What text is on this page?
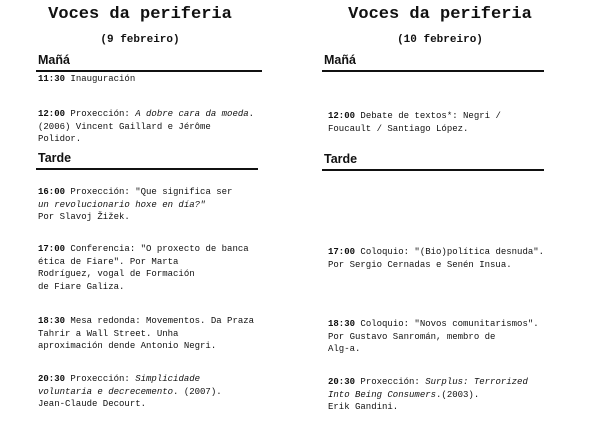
Voces da periferia
(9 febreiro)
Mañá
Tarde
11:30 Inauguración
12:00 Proxección: A dobre cara da moeda.
(2006) Vincent Gaillard e Jérôme
Polidor.
16:00 Proxección: "Que significa ser
un revolucionario hoxe en día?"
Por Slavoj Žižek.
17:00 Conferencia: "O proxecto de banca
ética de Fiare". Por Marta
Rodríguez, vogal de Formación
de Fiare Galiza.
18:30 Mesa redonda: Movementos. Da Praza
Tahrir a Wall Street. Unha
aproximación dende Antonio Negri.
20:30 Proxección: Simplicidade
voluntaria e decrecemento. (2007).
Jean-Claude Decourt.
Voces da periferia
(10 febreiro)
Mañá
Tarde
12:00 Debate de textos*: Negri /
Foucault / Santiago López.
17:00 Coloquio: "(Bio)política desnuda".
Por Sergio Cernadas e Senén Insua.
18:30 Coloquio: "Novos comunitarismos".
Por Gustavo Sanromán, membro de
Alg-a.
20:30 Proxección: Surplus: Terrorized
Into Being Consumers.(2003).
Erik Gandini.
